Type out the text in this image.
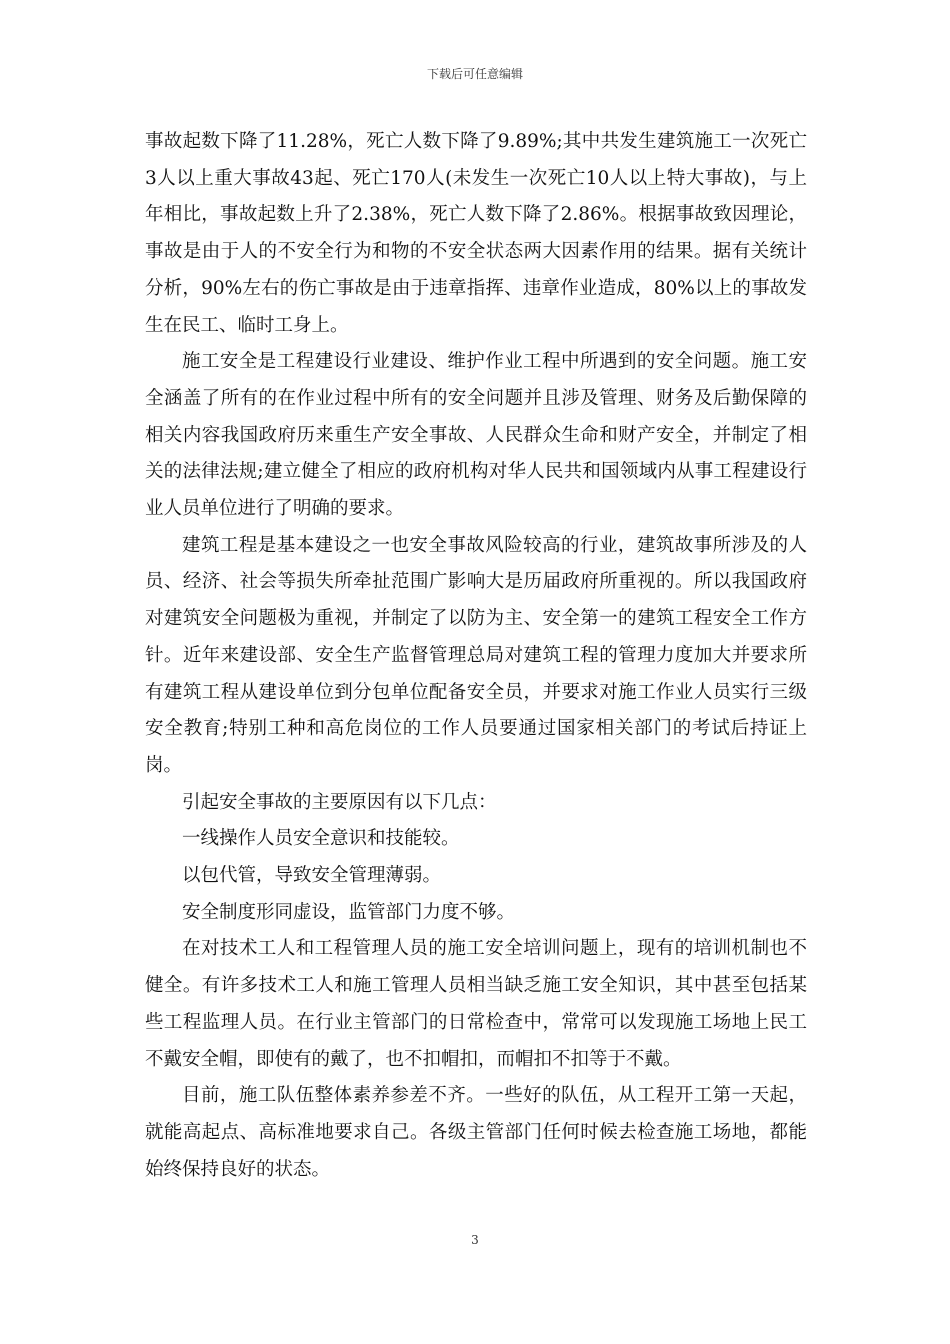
下载后可任意编辑

事故起数下降了11.28%，死亡人数下降了9.89%;其中共发生建筑施工一次死亡3人以上重大事故43起、死亡170人(未发生一次死亡10人以上特大事故)，与上年相比，事故起数上升了2.38%，死亡人数下降了2.86%。根据事故致因理论，事故是由于人的不安全行为和物的不安全状态两大因素作用的结果。据有关统计分析，90%左右的伤亡事故是由于违章指挥、违章作业造成，80%以上的事故发生在民工、临时工身上。

施工安全是工程建设行业建设、维护作业工程中所遇到的安全问题。施工安全涵盖了所有的在作业过程中所有的安全问题并且涉及管理、财务及后勤保障的相关内容我国政府历来重生产安全事故、人民群众生命和财产安全，并制定了相关的法律法规;建立健全了相应的政府机构对华人民共和国领域内从事工程建设行业人员单位进行了明确的要求。

建筑工程是基本建设之一也安全事故风险较高的行业，建筑故事所涉及的人员、经济、社会等损失所牵扯范围广影响大是历届政府所重视的。所以我国政府对建筑安全问题极为重视，并制定了以防为主、安全第一的建筑工程安全工作方针。近年来建设部、安全生产监督管理总局对建筑工程的管理力度加大并要求所有建筑工程从建设单位到分包单位配备安全员，并要求对施工作业人员实行三级安全教育;特别工种和高危岗位的工作人员要通过国家相关部门的考试后持证上岗。

引起安全事故的主要原因有以下几点：

一线操作人员安全意识和技能较。

以包代管，导致安全管理薄弱。

安全制度形同虚设，监管部门力度不够。

在对技术工人和工程管理人员的施工安全培训问题上，现有的培训机制也不健全。有许多技术工人和施工管理人员相当缺乏施工安全知识，其中甚至包括某些工程监理人员。在行业主管部门的日常检查中，常常可以发现施工场地上民工不戴安全帽，即使有的戴了，也不扣帽扣，而帽扣不扣等于不戴。

目前，施工队伍整体素养参差不齐。一些好的队伍，从工程开工第一天起，就能高起点、高标准地要求自己。各级主管部门任何时候去检查施工场地，都能始终保持良好的状态。

3
